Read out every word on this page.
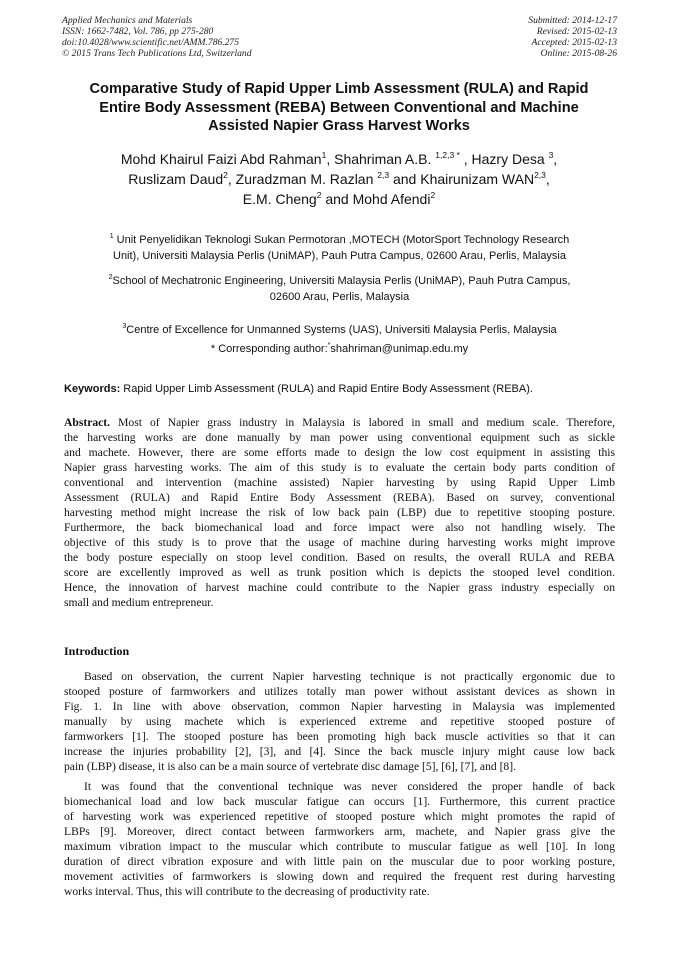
Applied Mechanics and Materials
ISSN: 1662-7482, Vol. 786, pp 275-280
doi:10.4028/www.scientific.net/AMM.786.275
© 2015 Trans Tech Publications Ltd, Switzerland
Submitted: 2014-12-17
Revised: 2015-02-13
Accepted: 2015-02-13
Online: 2015-08-26
Comparative Study of Rapid Upper Limb Assessment (RULA) and Rapid
Entire Body Assessment (REBA) Between Conventional and Machine
Assisted Napier Grass Harvest Works
Mohd Khairul Faizi Abd Rahman$^1$, Shahriman A.B. $^{1,2,3 *}$ , Hazry Desa $^3$,
Ruslizam Daud$^2$, Zuradzman M. Razlan $^{2,3}$ and Khairunizam WAN$^{2,3}$,
E.M. Cheng$^2$ and Mohd Afendi$^2$
$^1$ Unit Penyelidikan Teknologi Sukan Permotoran ,MOTECH (MotorSport Technology Research
Unit), Universiti Malaysia Perlis (UniMAP), Pauh Putra Campus, 02600 Arau, Perlis, Malaysia
$^2$School of Mechatronic Engineering, Universiti Malaysia Perlis (UniMAP), Pauh Putra Campus,
02600 Arau, Perlis, Malaysia
$^3$Centre of Excellence for Unmanned Systems (UAS), Universiti Malaysia Perlis, Malaysia
* Corresponding author:*shahriman@unimap.edu.my
Keywords: Rapid Upper Limb Assessment (RULA) and Rapid Entire Body Assessment (REBA).
Abstract. Most of Napier grass industry in Malaysia is labored in small and medium scale. Therefore,
the harvesting works are done manually by man power using conventional equipment such as sickle
and machete. However, there are some efforts made to design the low cost equipment in assisting this
Napier grass harvesting works. The aim of this study is to evaluate the certain body parts condition of
conventional and intervention (machine assisted) Napier harvesting by using Rapid Upper Limb
Assessment (RULA) and Rapid Entire Body Assessment (REBA). Based on survey, conventional
harvesting method might increase the risk of low back pain (LBP) due to repetitive stooping posture.
Furthermore, the back biomechanical load and force impact were also not handling wisely. The
objective of this study is to prove that the usage of machine during harvesting works might improve
the body posture especially on stoop level condition. Based on results, the overall RULA and REBA
score are excellently improved as well as trunk position which is depicts the stooped level condition.
Hence, the innovation of harvest machine could contribute to the Napier grass industry especially on
small and medium entrepreneur.
Introduction
Based on observation, the current Napier harvesting technique is not practically ergonomic due to
stooped posture of farmworkers and utilizes totally man power without assistant devices as shown in
Fig. 1. In line with above observation, common Napier harvesting in Malaysia was implemented
manually by using machete which is experienced extreme and repetitive stooped posture of
farmworkers [1]. The stooped posture has been promoting high back muscle activities so that it can
increase the injuries probability [2], [3], and [4]. Since the back muscle injury might cause low back
pain (LBP) disease, it is also can be a main source of vertebrate disc damage [5], [6], [7], and [8].
It was found that the conventional technique was never considered the proper handle of back
biomechanical load and low back muscular fatigue can occurs [1]. Furthermore, this current practice
of harvesting work was experienced repetitive of stooped posture which might promotes the rapid of
LBPs [9]. Moreover, direct contact between farmworkers arm, machete, and Napier grass give the
maximum vibration impact to the muscular which contribute to muscular fatigue as well [10]. In long
duration of direct vibration exposure and with little pain on the muscular due to poor working posture,
movement activities of farmworkers is slowing down and required the frequent rest during harvesting
works interval. Thus, this will contribute to the decreasing of productivity rate.
